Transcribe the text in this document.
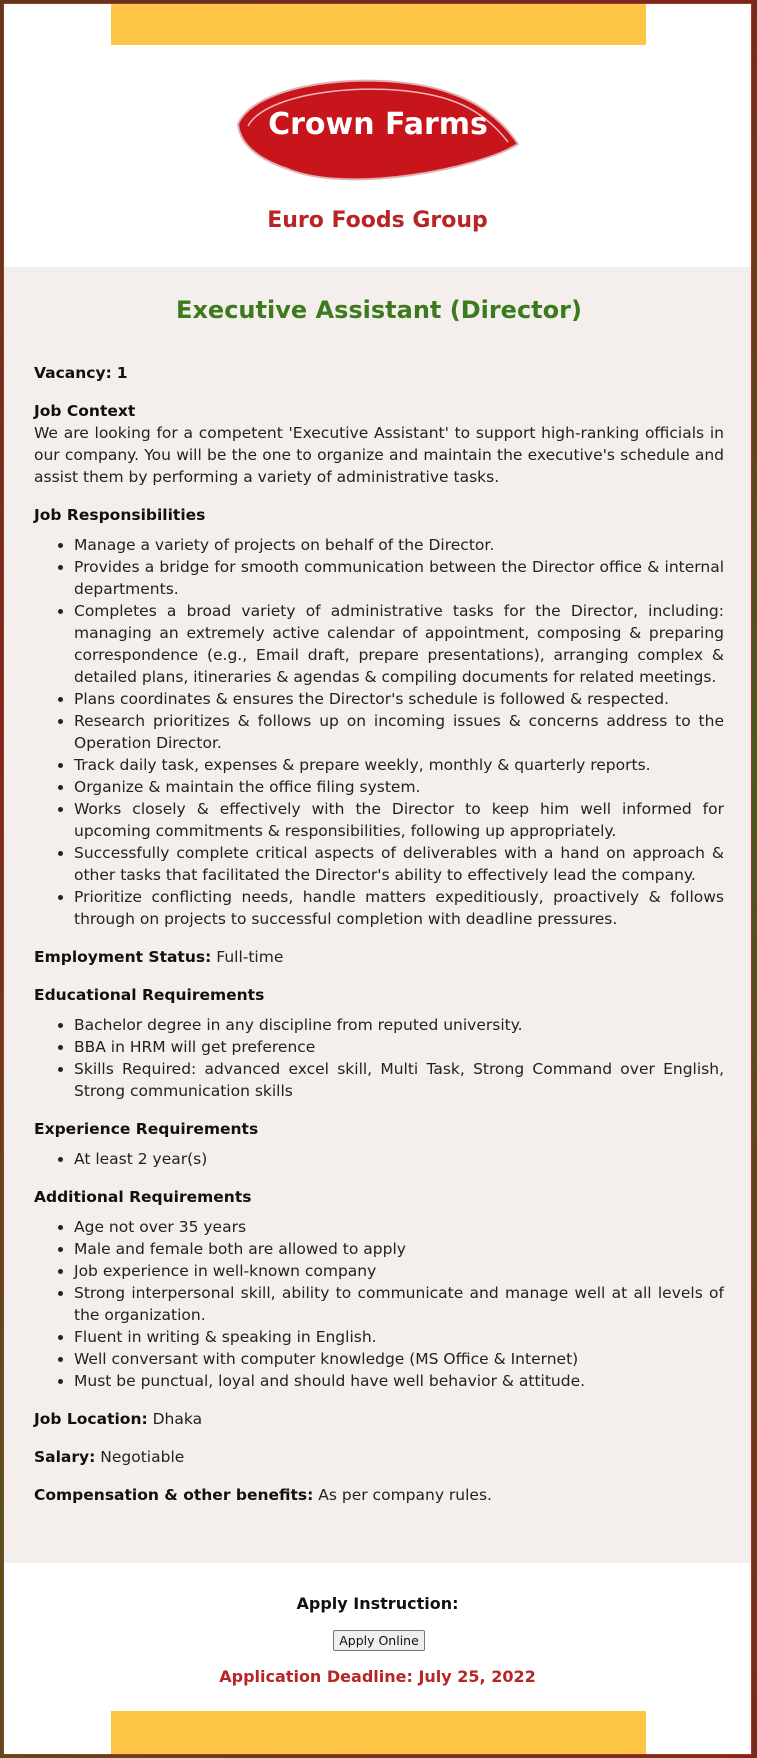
Crown Farms
Euro Foods Group
Executive Assistant (Director)
Vacancy: 1
Job Context

We are looking for a competent 'Executive Assistant' to support high-ranking officials in our company. You will be the one to organize and maintain the executive's schedule and assist them by performing a variety of administrative tasks.

Job Responsibilities
• Manage a variety of projects on behalf of the Director.
• Provides a bridge for smooth communication between the Director office & internal departments.
• Completes a broad variety of administrative tasks for the Director, including: managing an extremely active calendar of appointment, composing & preparing correspondence (e.g., Email draft, prepare presentations), arranging complex & detailed plans, itineraries & agendas & compiling documents for related meetings.
• Plans coordinates & ensures the Director's schedule is followed & respected.
• Research prioritizes & follows up on incoming issues & concerns address to the Operation Director.
• Track daily task, expenses & prepare weekly, monthly & quarterly reports.
• Organize & maintain the office filing system.
• Works closely & effectively with the Director to keep him well informed for upcoming commitments & responsibilities, following up appropriately.
• Successfully complete critical aspects of deliverables with a hand on approach & other tasks that facilitated the Director's ability to effectively lead the company.
• Prioritize conflicting needs, handle matters expeditiously, proactively & follows through on projects to successful completion with deadline pressures.
Employment Status: Full-time
Educational Requirements
• Bachelor degree in any discipline from reputed university.
• BBA in HRM will get preference
• Skills Required: advanced excel skill, Multi Task, Strong Command over English, Strong communication skills
Experience Requirements
• At least 2 year(s)
Additional Requirements
• Age not over 35 years
• Male and female both are allowed to apply
• Job experience in well-known company
• Strong interpersonal skill, ability to communicate and manage well at all levels of the organization.
• Fluent in writing & speaking in English.
• Well conversant with computer knowledge (MS Office & Internet)
• Must be punctual, loyal and should have well behavior & attitude.
Job Location: Dhaka
Salary: Negotiable
Compensation & other benefits: As per company rules.
Apply Instruction:
Apply Online
Application Deadline: July 25, 2022
